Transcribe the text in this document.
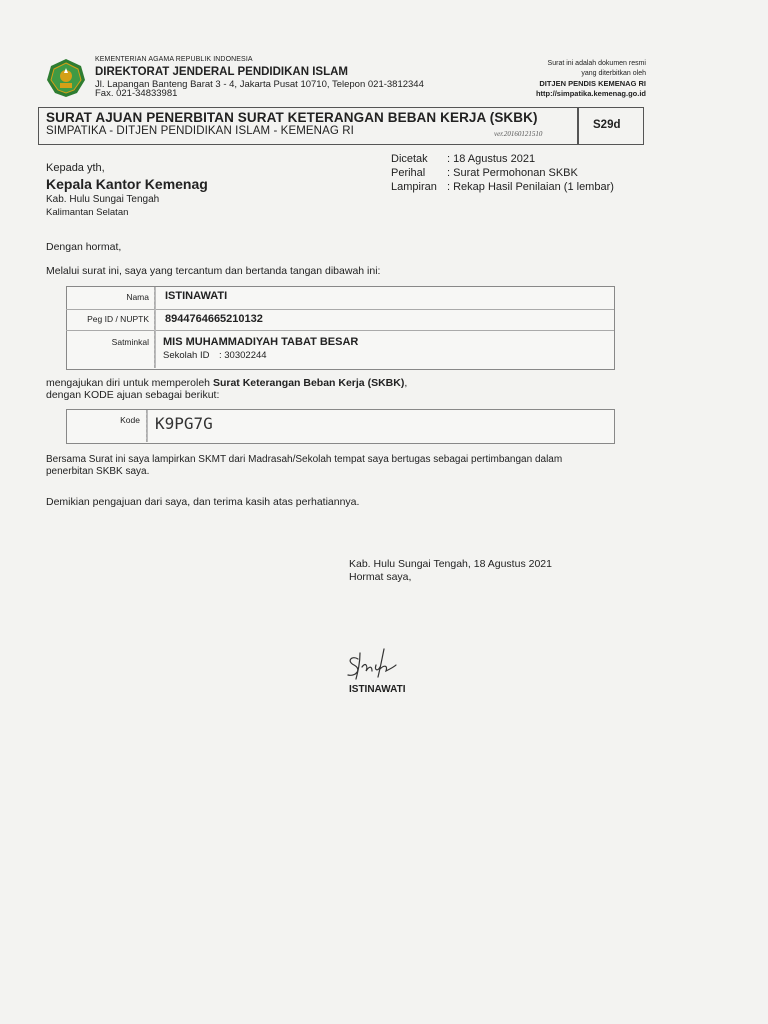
KEMENTERIAN AGAMA REPUBLIK INDONESIA
DIREKTORAT JENDERAL PENDIDIKAN ISLAM
Jl. Lapangan Banteng Barat 3 - 4, Jakarta Pusat 10710, Telepon 021-3812344
Fax. 021-34833981
Surat ini adalah dokumen resmi
yang diterbitkan oleh
DITJEN PENDIS KEMENAG RI
http://simpatika.kemenag.go.id
SURAT AJUAN PENERBITAN SURAT KETERANGAN BEBAN KERJA (SKBK)
SIMPATIKA - DITJEN PENDIDIKAN ISLAM - KEMENAG RI	ver.20160121510
S29d
Kepada yth,
Kepala Kantor Kemenag
Kab. Hulu Sungai Tengah
Kalimantan Selatan
Dicetak : 18 Agustus 2021
Perihal : Surat Permohonan SKBK
Lampiran : Rekap Hasil Penilaian (1 lembar)
Dengan hormat,
Melalui surat ini, saya yang tercantum dan bertanda tangan dibawah ini:
Nama ISTINAWATI
Peg ID / NUPTK 8944764665210132
Satminkal MIS MUHAMMADIYAH TABAT BESAR
Sekolah ID : 30302244
mengajukan diri untuk memperoleh Surat Keterangan Beban Kerja (SKBK),
dengan KODE ajuan sebagai berikut:
Kode K9PG7G
Bersama Surat ini saya lampirkan SKMT dari Madrasah/Sekolah tempat saya bertugas sebagai pertimbangan dalam
penerbitan SKBK saya.
Demikian pengajuan dari saya, dan terima kasih atas perhatiannya.
Kab. Hulu Sungai Tengah, 18 Agustus 2021
Hormat saya,
ISTINAWATI
